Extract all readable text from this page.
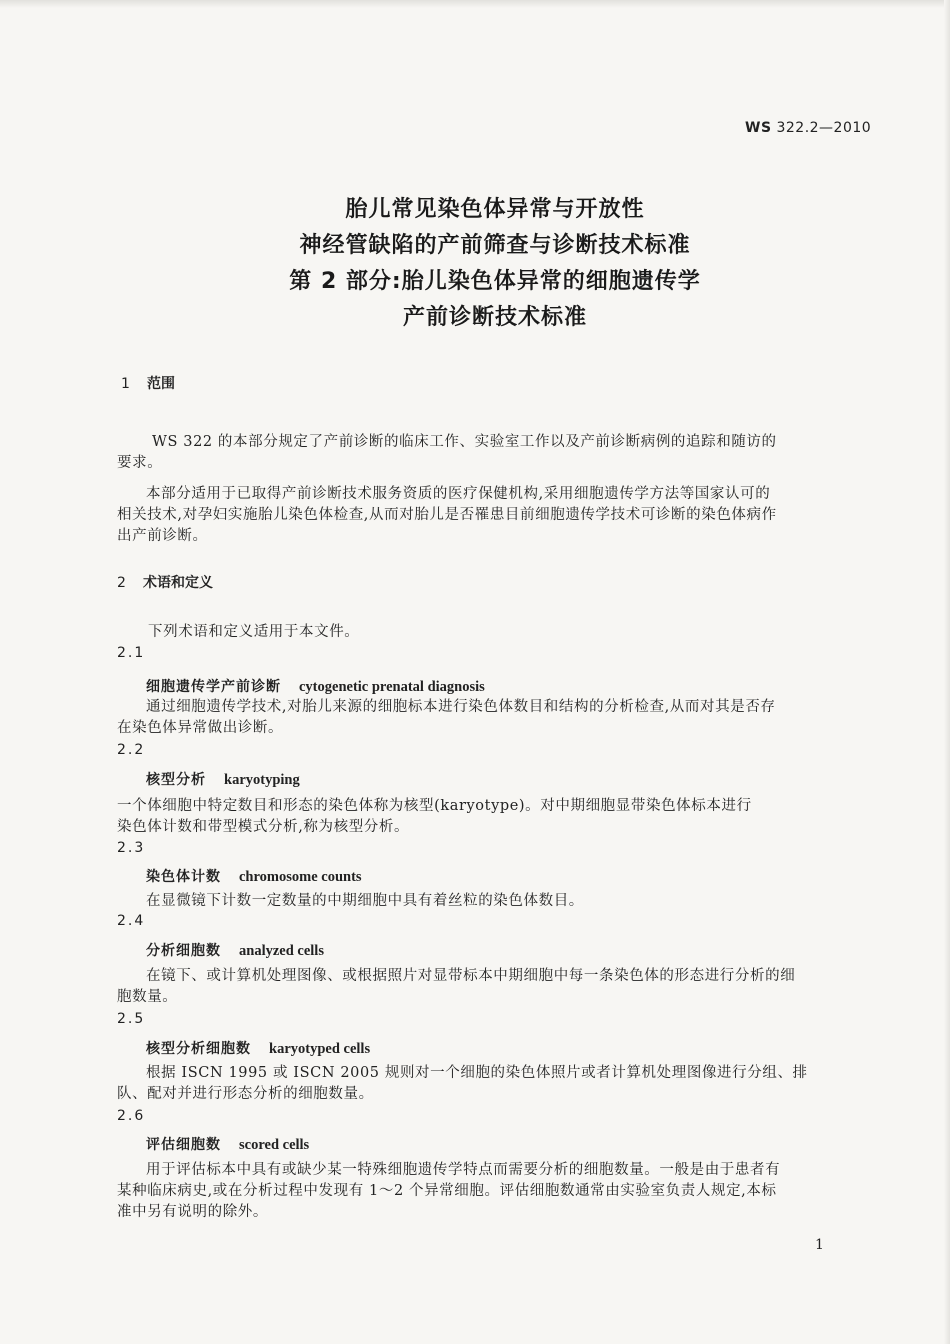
WS 322.2—2010
胎儿常见染色体异常与开放性
神经管缺陷的产前筛查与诊断技术标准
第 2 部分:胎儿染色体异常的细胞遗传学
产前诊断技术标准
1 范围
WS 322 的本部分规定了产前诊断的临床工作、实验室工作以及产前诊断病例的追踪和随访的
要求。
本部分适用于已取得产前诊断技术服务资质的医疗保健机构,采用细胞遗传学方法等国家认可的
相关技术,对孕妇实施胎儿染色体检查,从而对胎儿是否罹患目前细胞遗传学技术可诊断的染色体病作
出产前诊断。
2 术语和定义
下列术语和定义适用于本文件。
2.1
细胞遗传学产前诊断 cytogenetic prenatal diagnosis
通过细胞遗传学技术,对胎儿来源的细胞标本进行染色体数目和结构的分析检查,从而对其是否存
在染色体异常做出诊断。
2.2
核型分析 karyotyping
一个体细胞中特定数目和形态的染色体称为核型(karyotype)。对中期细胞显带染色体标本进行
染色体计数和带型模式分析,称为核型分析。
2.3
染色体计数 chromosome counts
在显微镜下计数一定数量的中期细胞中具有着丝粒的染色体数目。
2.4
分析细胞数 analyzed cells
在镜下、或计算机处理图像、或根据照片对显带标本中期细胞中每一条染色体的形态进行分析的细
胞数量。
2.5
核型分析细胞数 karyotyped cells
根据 ISCN 1995 或 ISCN 2005 规则对一个细胞的染色体照片或者计算机处理图像进行分组、排
队、配对并进行形态分析的细胞数量。
2.6
评估细胞数 scored cells
用于评估标本中具有或缺少某一特殊细胞遗传学特点而需要分析的细胞数量。一般是由于患者有
某种临床病史,或在分析过程中发现有 1～2 个异常细胞。评估细胞数通常由实验室负责人规定,本标
准中另有说明的除外。
1
